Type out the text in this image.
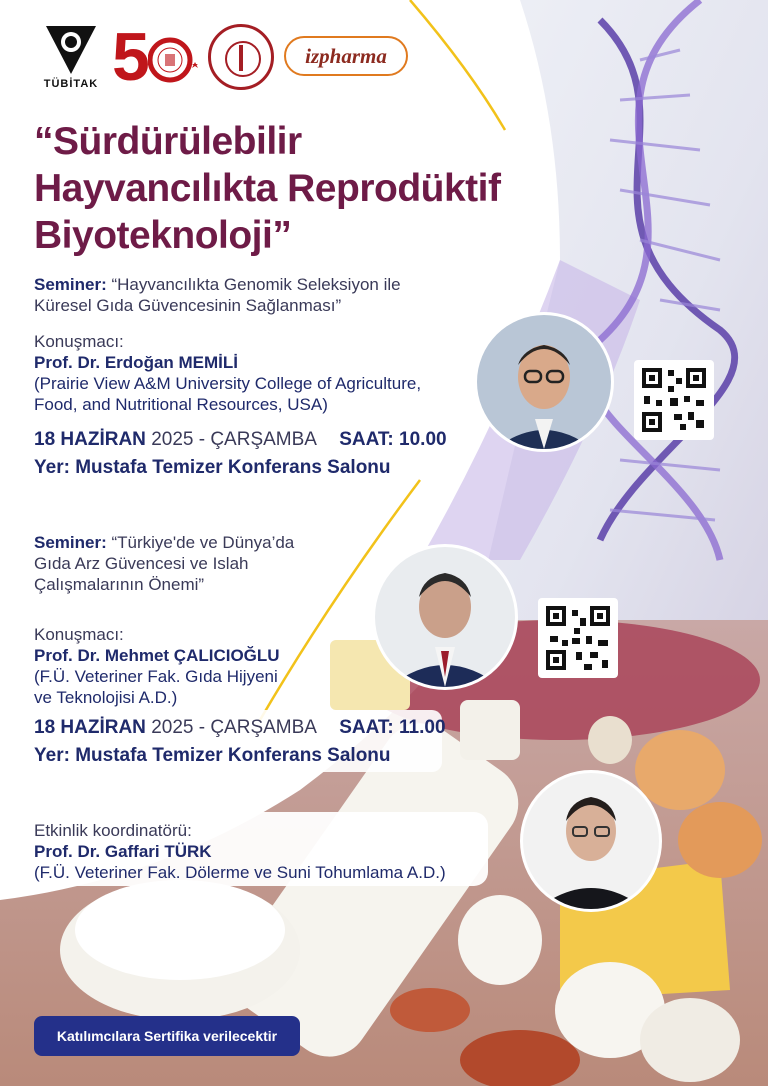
TÜBİTAK 5	izpharma
“Sürdürülebilir
Hayvancılıkta Reprodüktif
Biyoteknoloji”
Seminer: “Hayvancılıkta Genomik Seleksiyon ile
Küresel Gıda Güvencesinin Sağlanması”
Konuşmacı:
Prof. Dr. Erdoğan MEMİLİ
(Prairie View A&M University College of Agriculture,
Food, and Nutritional Resources, USA)
18 HAZİRAN 2025 - ÇARŞAMBA SAAT: 10.00
Yer: Mustafa Temizer Konferans Salonu
Seminer: “Türkiye'de ve Dünya’da
Gıda Arz Güvencesi ve Islah
Çalışmalarının Önemi”
Konuşmacı:
Prof. Dr. Mehmet ÇALICIOĞLU
(F.Ü. Veteriner Fak. Gıda Hijyeni
ve Teknolojisi A.D.)
18 HAZİRAN 2025 - ÇARŞAMBA SAAT: 11.00
Yer: Mustafa Temizer Konferans Salonu
Etkinlik koordinatörü:
Prof. Dr. Gaffari TÜRK
(F.Ü. Veteriner Fak. Dölerme ve Suni Tohumlama A.D.)
Katılımcılara Sertifika verilecektir
